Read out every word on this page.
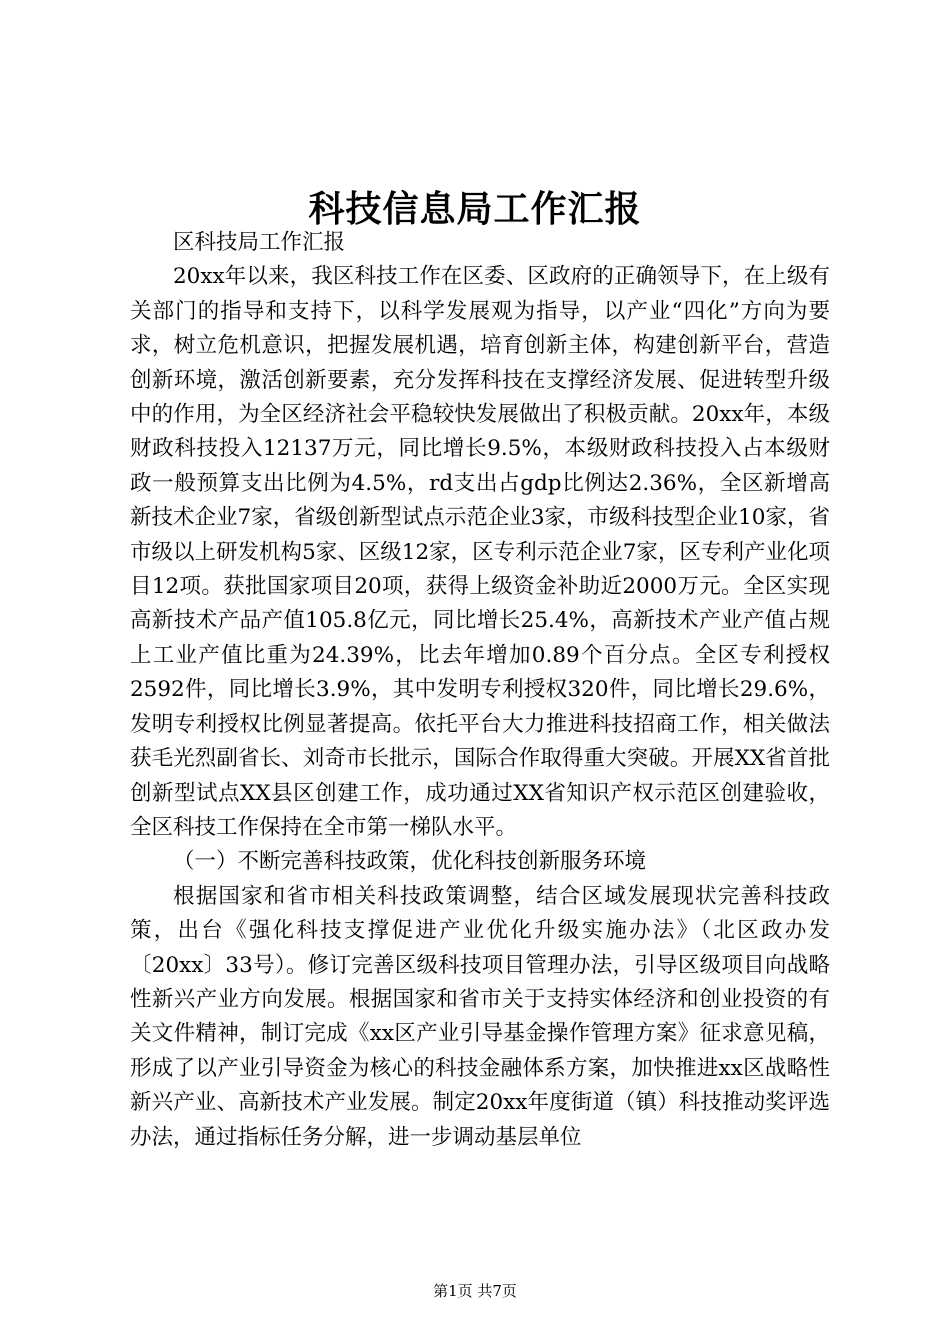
科技信息局工作汇报

区科技局工作汇报

20xx年以来，我区科技工作在区委、区政府的正确领导下，在上级有关部门的指导和支持下，以科学发展观为指导，以产业“四化”方向为要求，树立危机意识，把握发展机遇，培育创新主体，构建创新平台，营造创新环境，激活创新要素，充分发挥科技在支撑经济发展、促进转型升级中的作用，为全区经济社会平稳较快发展做出了积极贡献。20xx年，本级财政科技投入12137万元，同比增长9.5%，本级财政科技投入占本级财政一般预算支出比例为4.5%，rd支出占gdp比例达2.36%，全区新增高新技术企业7家，省级创新型试点示范企业3家，市级科技型企业10家，省市级以上研发机构5家、区级12家，区专利示范企业7家，区专利产业化项目12项。获批国家项目20项，获得上级资金补助近2000万元。全区实现高新技术产品产值105.8亿元，同比增长25.4%，高新技术产业产值占规上工业产值比重为24.39%，比去年增加0.89个百分点。全区专利授权2592件，同比增长3.9%，其中发明专利授权320件，同比增长29.6%，发明专利授权比例显著提高。依托平台大力推进科技招商工作，相关做法获毛光烈副省长、刘奇市长批示，国际合作取得重大突破。开展XX省首批创新型试点XX县区创建工作，成功通过XX省知识产权示范区创建验收，全区科技工作保持在全市第一梯队水平。

（一）不断完善科技政策，优化科技创新服务环境

根据国家和省市相关科技政策调整，结合区域发展现状完善科技政策，出台《强化科技支撑促进产业优化升级实施办法》（北区政办发〔20xx〕33号）。修订完善区级科技项目管理办法，引导区级项目向战略性新兴产业方向发展。根据国家和省市关于支持实体经济和创业投资的有关文件精神，制订完成《xx区产业引导基金操作管理方案》征求意见稿，形成了以产业引导资金为核心的科技金融体系方案，加快推进xx区战略性新兴产业、高新技术产业发展。制定20xx年度街道（镇）科技推动奖评选办法，通过指标任务分解，进一步调动基层单位

第1页 共7页
